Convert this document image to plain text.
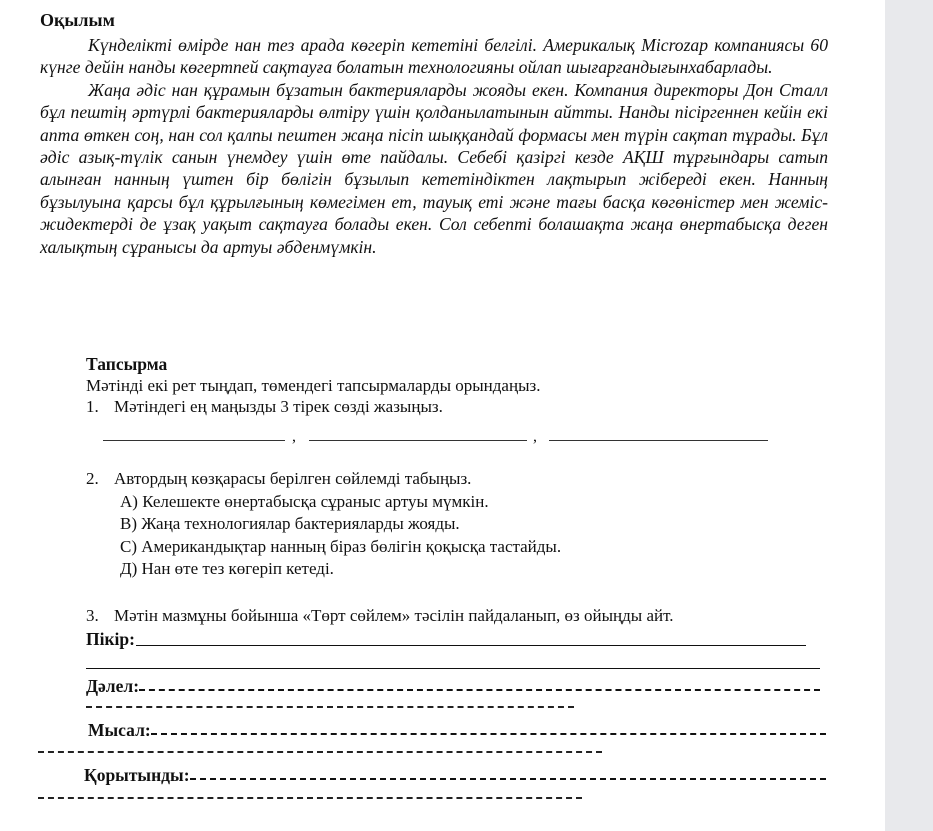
Оқылым

Күнделікті өмірде нан тез арада көгеріп кететіні белгілі. Америкалық Microzap компаниясы 60 күнге дейін нанды көгертпей сақтауға болатын технологияны ойлап шығарғандығынхабарлады.

Жаңа әдіс нан құрамын бұзатын бактерияларды жояды екен. Компания директоры Дон Сталл бұл пештің әртүрлі бактерияларды өлтіру үшін қолданылатынын айтты. Нанды пісіргеннен кейін екі апта өткен соң, нан сол қалпы пештен жаңа пісіп шыққандай формасы мен түрін сақтап тұрады. Бұл әдіс азық-түлік санын үнемдеу үшін өте пайдалы. Себебі қазіргі кезде АҚШ тұрғындары сатып алынған нанның үштен бір бөлігін бұзылып кететіндіктен лақтырып жібереді екен. Нанның бұзылуына қарсы бұл құрылғының көмегімен ет, тауық еті және тағы басқа көгөністер мен жеміс- жидектерді де ұзақ уақыт сақтауға болады екен. Сол себепті болашақта жаңа өнертабысқа деген халықтың сұранысы да артуы әбденмүмкін.

Тапсырма
Мәтінді екі рет тыңдап, төмендегі тапсырмаларды орындаңыз.
1. Мәтіндегі ең маңызды 3 тірек сөзді жазыңыз.
,	,
2. Автордың көзқарасы берілген сөйлемді табыңыз.
А) Келешекте өнертабысқа сұраныс артуы мүмкін.
В) Жаңа технологиялар бактерияларды жояды.
С) Американдықтар нанның біраз бөлігін қоқысқа тастайды.
Д) Нан өте тез көгеріп кетеді.
3. Мәтін мазмұны бойынша «Төрт сөйлем» тәсілін пайдаланып, өз ойыңды айт.
Пікір:
Дәлел:
Мысал:
Қорытынды:
